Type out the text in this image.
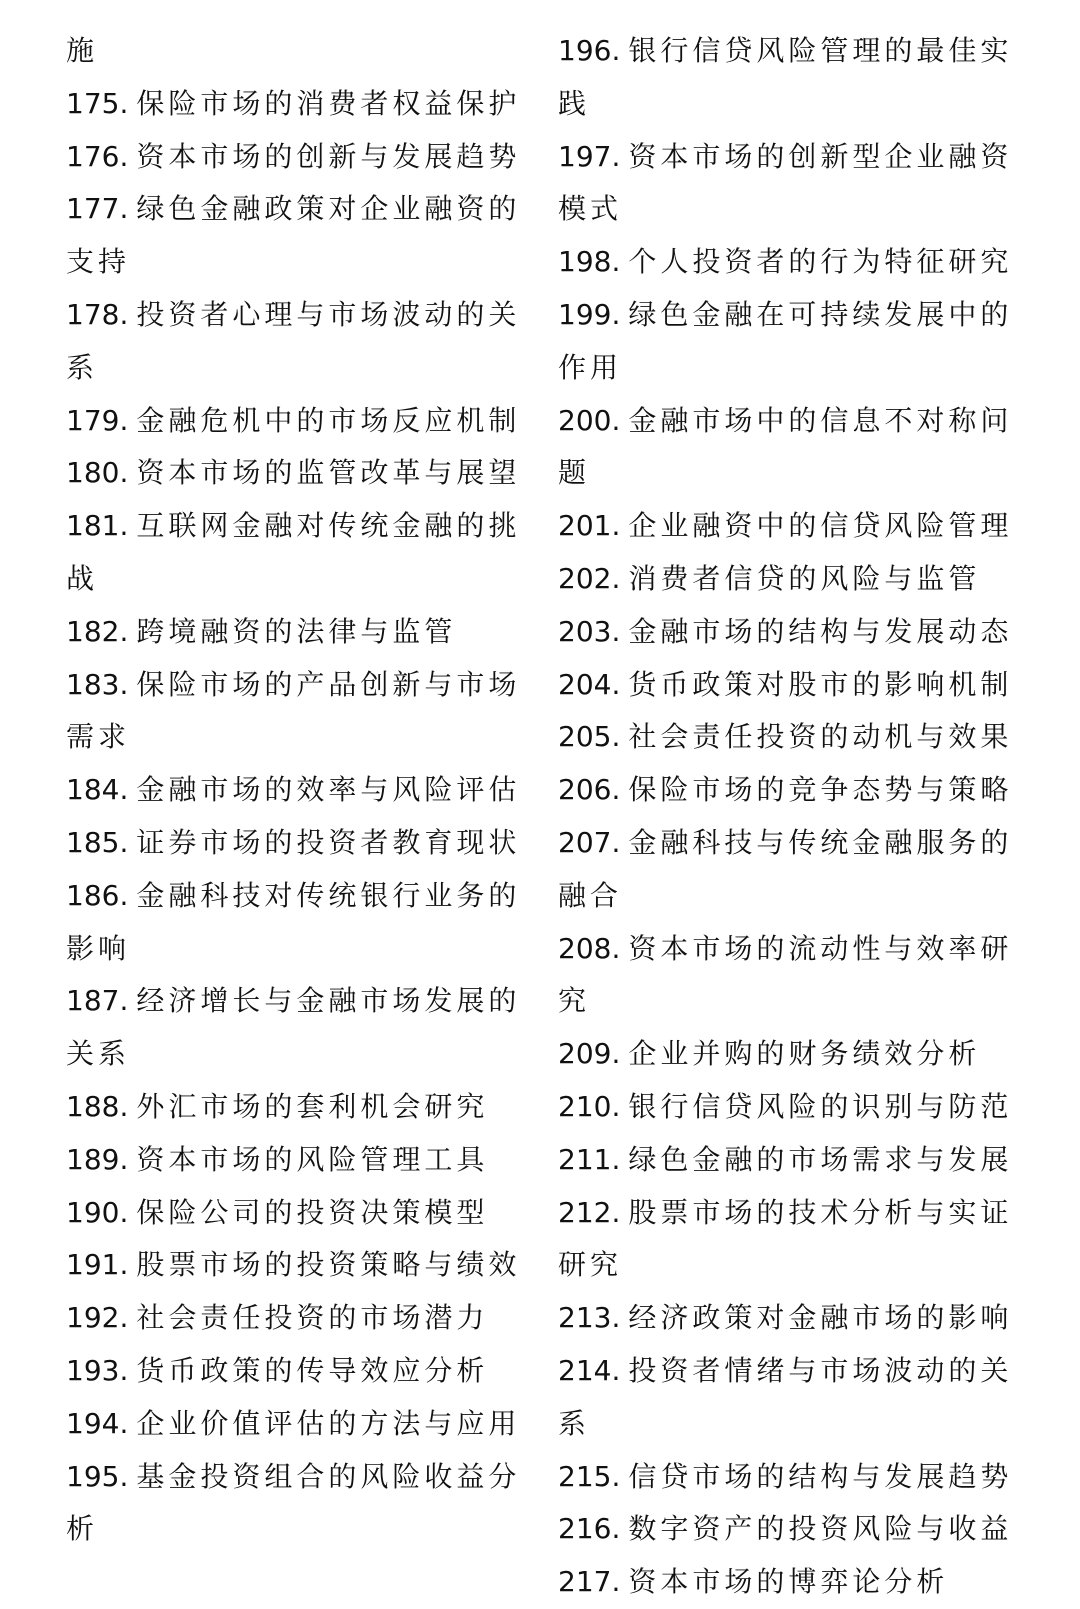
施
175. 保险市场的消费者权益保护
176. 资本市场的创新与发展趋势
177. 绿色金融政策对企业融资的支持
178. 投资者心理与市场波动的关系
179. 金融危机中的市场反应机制
180. 资本市场的监管改革与展望
181. 互联网金融对传统金融的挑战
182. 跨境融资的法律与监管
183. 保险市场的产品创新与市场需求
184. 金融市场的效率与风险评估
185. 证券市场的投资者教育现状
186. 金融科技对传统银行业务的影响
187. 经济增长与金融市场发展的关系
188. 外汇市场的套利机会研究
189. 资本市场的风险管理工具
190. 保险公司的投资决策模型
191. 股票市场的投资策略与绩效
192. 社会责任投资的市场潜力
193. 货币政策的传导效应分析
194. 企业价值评估的方法与应用
195. 基金投资组合的风险收益分析
196. 银行信贷风险管理的最佳实践
197. 资本市场的创新型企业融资模式
198. 个人投资者的行为特征研究
199. 绿色金融在可持续发展中的作用
200. 金融市场中的信息不对称问题
201. 企业融资中的信贷风险管理
202. 消费者信贷的风险与监管
203. 金融市场的结构与发展动态
204. 货币政策对股市的影响机制
205. 社会责任投资的动机与效果
206. 保险市场的竞争态势与策略
207. 金融科技与传统金融服务的融合
208. 资本市场的流动性与效率研究
209. 企业并购的财务绩效分析
210. 银行信贷风险的识别与防范
211. 绿色金融的市场需求与发展
212. 股票市场的技术分析与实证研究
213. 经济政策对金融市场的影响
214. 投资者情绪与市场波动的关系
215. 信贷市场的结构与发展趋势
216. 数字资产的投资风险与收益
217. 资本市场的博弈论分析
